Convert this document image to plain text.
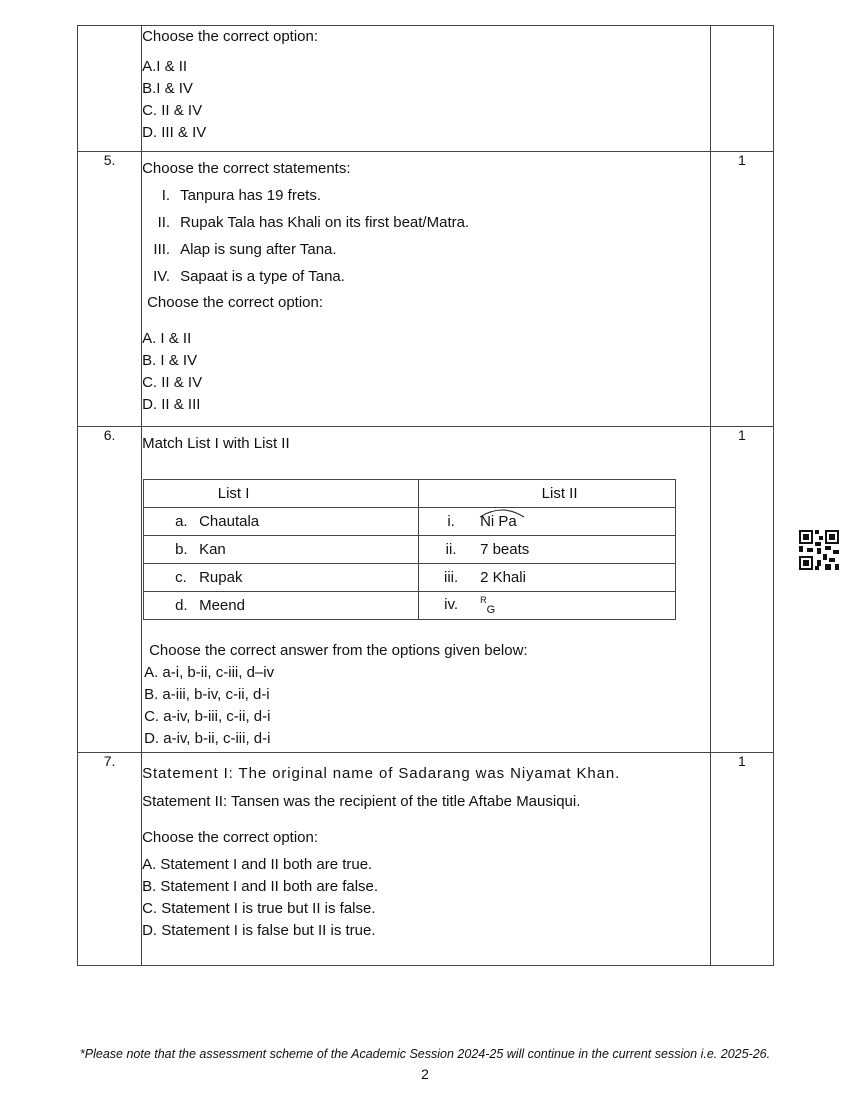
Choose the correct option:
A.I & II
B.I & IV
C. II & IV
D. III & IV

5.	Choose the correct statements:
I. Tanpura has 19 frets.
II. Rupak Tala has Khali on its first beat/Matra.
III. Alap is sung after Tana.
IV. Sapaat is a type of Tana.
Choose the correct option:
A. I & II
B. I & IV
C. II & IV
D. II & III
	1
6.	Match List I with List II
List I	List II
a. Chautala	i. Ni Pa
b. Kan	ii. 7 beats
c. Rupak	iii. 2 Khali
d. Meend	iv. $^R_G$
Choose the correct answer from the options given below:
A. a-i, b-ii, c-iii, d–iv
B. a-iii, b-iv, c-ii, d-i
C. a-iv, b-iii, c-ii, d-i
D. a-iv, b-ii, c-iii, d-i
	1
7.	
Statement I: The original name of Sadarang was Niyamat Khan.
Statement II: Tansen was the recipient of the title Aftabe Mausiqui.
Choose the correct option:
A. Statement I and II both are true.
B. Statement I and II both are false.
C. Statement I is true but II is false.
D. Statement I is false but II is true.
	1
*Please note that the assessment scheme of the Academic Session 2024-25 will continue in the current session i.e. 2025-26.
2
